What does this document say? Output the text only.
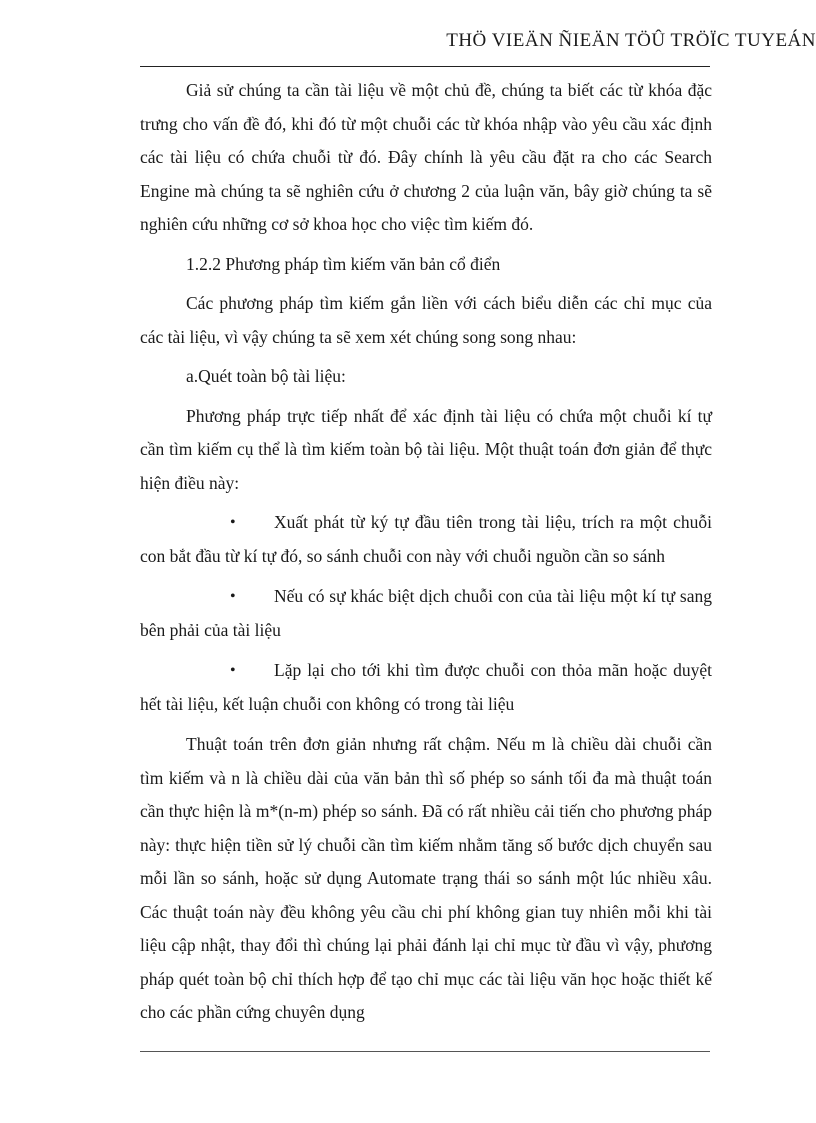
THÖ VIEÄN ÑIEÄN TÖÛ TRÖÏC TUYEÁN

Giả sử chúng ta cần tài liệu về một chủ đề, chúng ta biết các từ khóa đặc trưng cho vấn đề đó, khi đó từ một chuỗi các từ khóa nhập vào yêu cầu xác định các tài liệu có chứa chuỗi từ đó. Đây chính là yêu cầu đặt ra cho các Search Engine mà chúng ta sẽ nghiên cứu ở chương 2 của luận văn, bây giờ chúng ta sẽ nghiên cứu những cơ sở khoa học cho việc tìm kiếm đó.

1.2.2 Phương pháp tìm kiếm văn bản cổ điển

Các phương pháp tìm kiếm gắn liền với cách biểu diễn các chỉ mục của các tài liệu, vì vậy chúng ta sẽ xem xét chúng song song nhau:

a.Quét toàn bộ tài liệu:

Phương pháp trực tiếp nhất để xác định tài liệu có chứa một chuỗi kí tự cần tìm kiếm cụ thể là tìm kiếm toàn bộ tài liệu. Một thuật toán đơn giản để thực hiện điều này:

•	Xuất phát từ ký tự đầu tiên trong tài liệu, trích ra một chuỗi con bắt đầu từ kí tự đó, so sánh chuỗi con này với chuỗi nguồn cần so sánh
•	Nếu có sự khác biệt dịch chuỗi con của tài liệu một kí tự sang bên phải của tài liệu
•	Lặp lại cho tới khi tìm được chuỗi con thỏa mãn hoặc duyệt hết tài liệu, kết luận chuỗi con không có trong tài liệu

Thuật toán trên đơn giản nhưng rất chậm. Nếu m là chiều dài chuỗi cần tìm kiếm và n là chiều dài của văn bản thì số phép so sánh tối đa mà thuật toán cần thực hiện là m*(n-m) phép so sánh. Đã có rất nhiều cải tiến cho phương pháp này: thực hiện tiền sử lý chuỗi cần tìm kiếm nhằm tăng số bước dịch chuyển sau mỗi lần so sánh, hoặc sử dụng Automate trạng thái so sánh một lúc nhiều xâu. Các thuật toán này đều không yêu cầu chi phí không gian tuy nhiên mỗi khi tài liệu cập nhật, thay đổi thì chúng lại phải đánh lại chỉ mục từ đầu vì vậy, phương pháp quét toàn bộ chỉ thích hợp để tạo chỉ mục các tài liệu văn học hoặc thiết kế cho các phần cứng chuyên dụng
